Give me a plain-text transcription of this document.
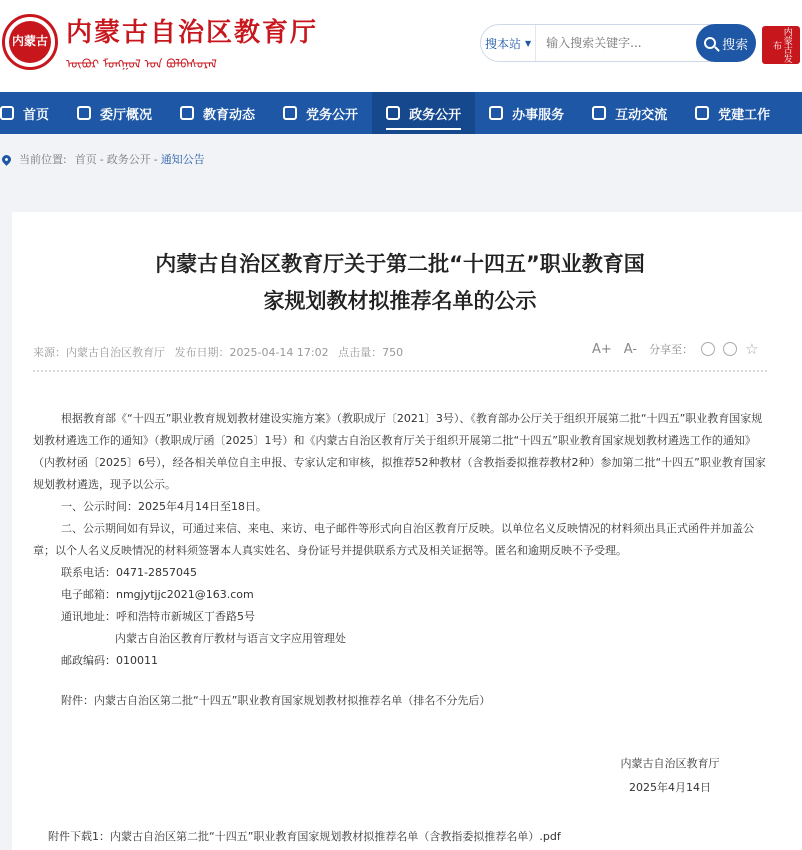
内蒙古 内蒙古自治区教育厅
ᠥᠪᠥᠷ ᠮᠣᠩᠭᠣᠯ ᠤᠨ ᠪᠣᠯᠪᠠᠰᠤᠷᠠᠯ
搜本站 ▼
输入搜索关键字...	搜索	内蒙古发布
首页	委厅概况	教育动态	党务公开	政务公开	办事服务	互动交流	党建工作
当前位置: 首页 - 政务公开 - 通知公告
内蒙古自治区教育厅关于第二批“十四五”职业教育国
家规划教材拟推荐名单的公示
来源：内蒙古自治区教育厅 发布日期：2025-04-14 17:02 点击量：750	A+ A- 分享至：	☆

根据教育部《“十四五”职业教育规划教材建设实施方案》（教职成厅〔2021〕3号）、《教育部办公厅关于组织开展第二批“十四五”职业教育国家规划教材遴选工作的通知》（教职成厅函〔2025〕1号）和《内蒙古自治区教育厅关于组织开展第二批“十四五”职业教育国家规划教材遴选工作的通知》（内教材函〔2025〕6号），经各相关单位自主申报、专家认定和审核，拟推荐52种教材（含教指委拟推荐教材2种）参加第二批“十四五”职业教育国家规划教材遴选，现予以公示。

一、公示时间：2025年4月14日至18日。

二、公示期间如有异议，可通过来信、来电、来访、电子邮件等形式向自治区教育厅反映。以单位名义反映情况的材料须出具正式函件并加盖公章；以个人名义反映情况的材料须签署本人真实姓名、身份证号并提供联系方式及相关证据等。匿名和逾期反映不予受理。

联系电话：0471-2857045

电子邮箱：nmgjytjjc2021@163.com

通讯地址：呼和浩特市新城区丁香路5号

内蒙古自治区教育厅教材与语言文字应用管理处

邮政编码：010011

附件：内蒙古自治区第二批“十四五”职业教育国家规划教材拟推荐名单（排名不分先后）

内蒙古自治区教育厅
2025年4月14日
附件下载1：内蒙古自治区第二批“十四五”职业教育国家规划教材拟推荐名单（含教指委拟推荐名单）.pdf
